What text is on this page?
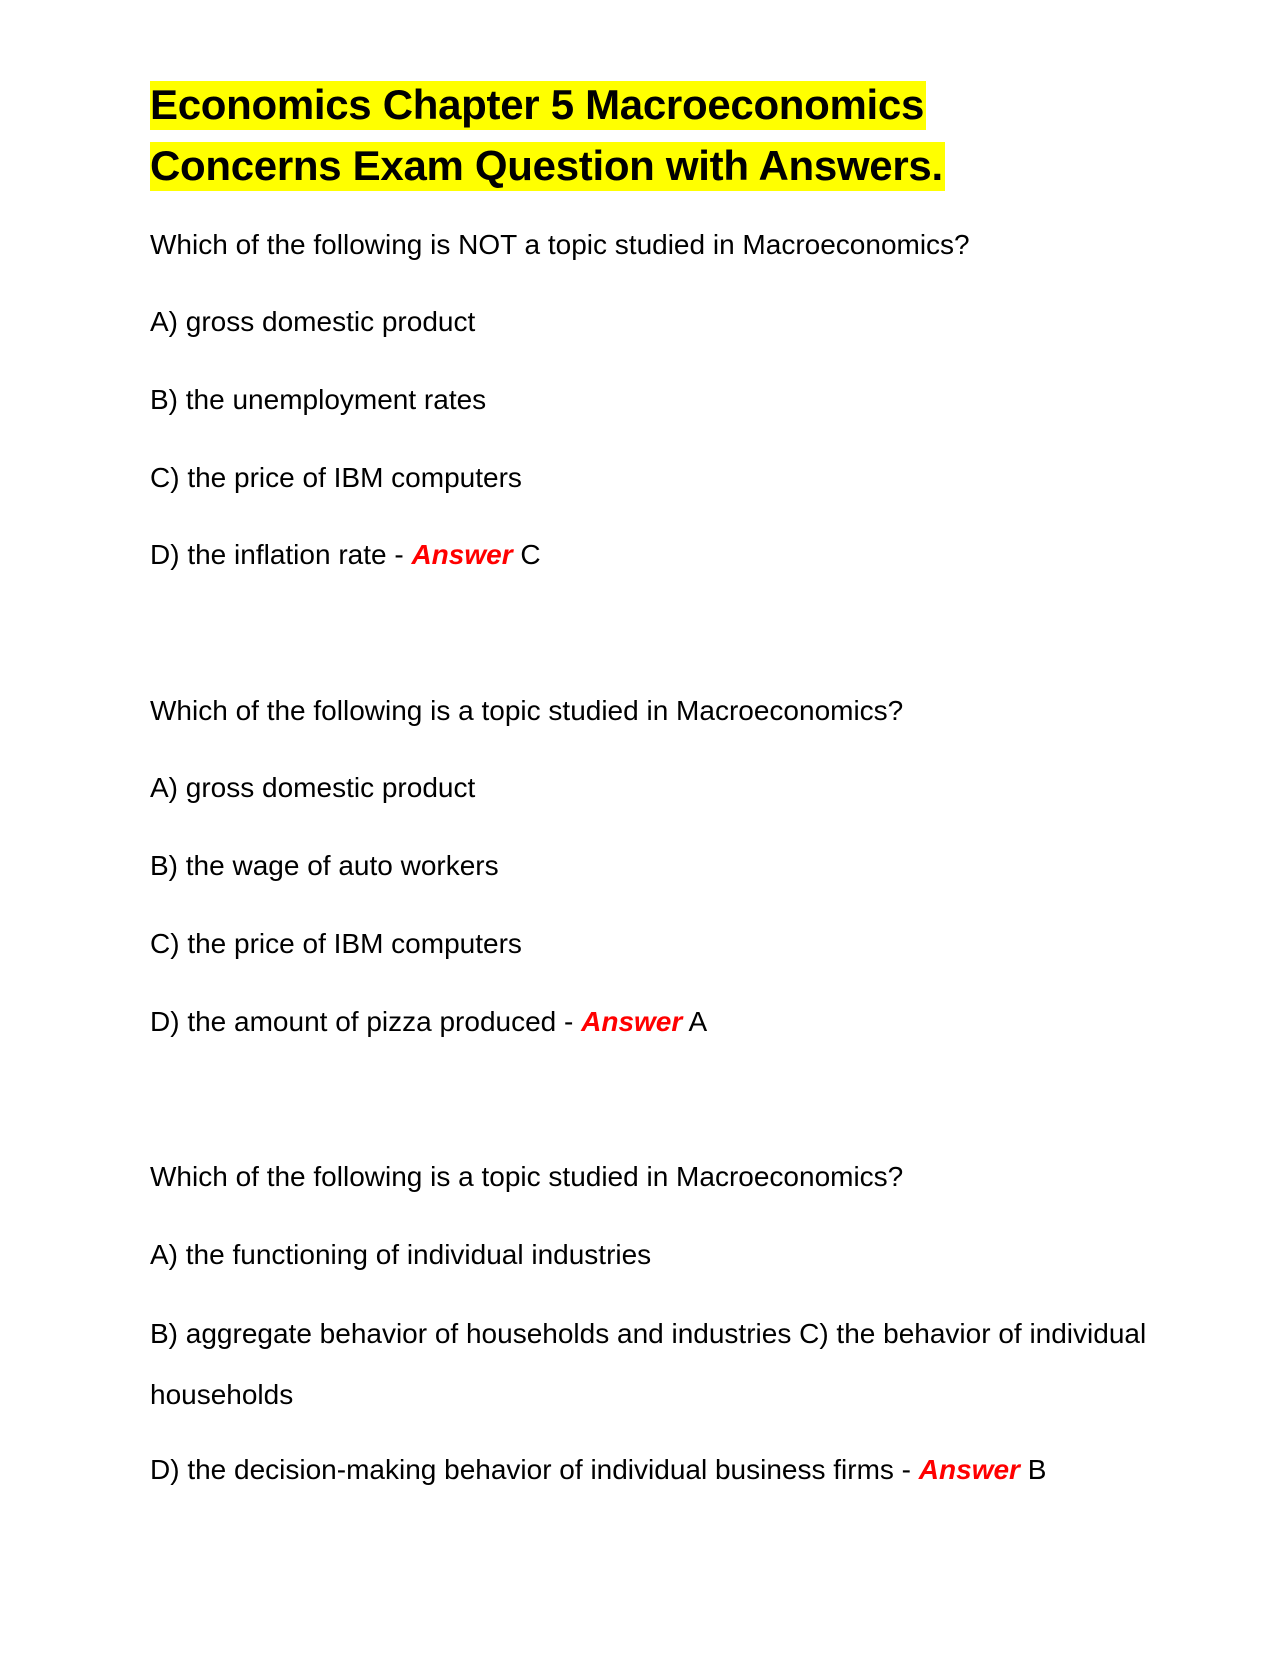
Economics Chapter 5 Macroeconomics
Concerns Exam Question with Answers.

Which of the following is NOT a topic studied in Macroeconomics?

A) gross domestic product

B) the unemployment rates

C) the price of IBM computers

D) the inflation rate - Answer C

Which of the following is a topic studied in Macroeconomics?

A) gross domestic product

B) the wage of auto workers

C) the price of IBM computers

D) the amount of pizza produced - Answer A

Which of the following is a topic studied in Macroeconomics?

A) the functioning of individual industries

B) aggregate behavior of households and industries C) the behavior of individual households

D) the decision-making behavior of individual business firms - Answer B
